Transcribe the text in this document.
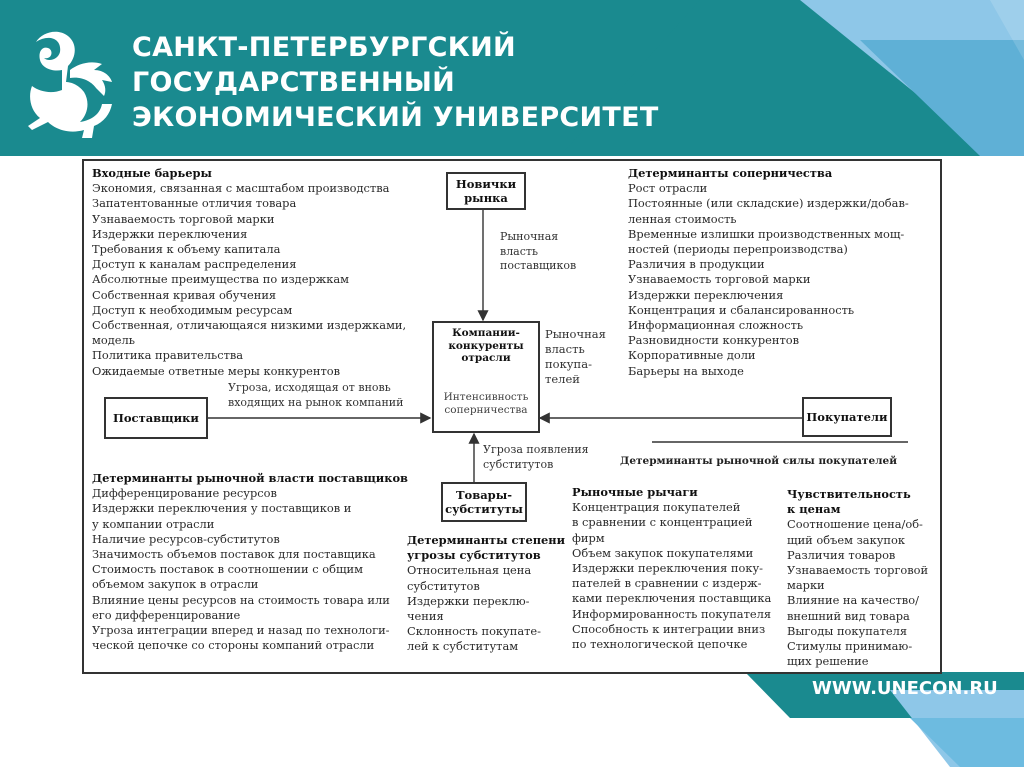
САНКТ-ПЕТЕРБУРГСКИЙ
ГОСУДАРСТВЕННЫЙ
ЭКОНОМИЧЕСКИЙ УНИВЕРСИТЕТ
WWW.UNECON.RU
Входные барьеры
Экономия, связанная с масштабом производства
Запатентованные отличия товара
Узнаваемость торговой марки
Издержки переключения
Требования к объему капитала
Доступ к каналам распределения
Абсолютные преимущества по издержкам
Собственная кривая обучения
Доступ к необходимым ресурсам
Собственная, отличающаяся низкими издержками,
модель
Политика правительства
Ожидаемые ответные меры конкурентов
Детерминанты соперничества
Рост отрасли
Постоянные (или складские) издержки/добав-
ленная стоимость
Временные излишки производственных мощ-
ностей (периоды перепроизводства)
Различия в продукции
Узнаваемость торговой марки
Издержки переключения
Концентрация и сбалансированность
Информационная сложность
Разновидности конкурентов
Корпоративные доли
Барьеры на выходе
Новички
рынка
Рыночная
власть
поставщиков
Компании-
конкуренты
отрасли
Интенсивность
соперничества
Рыночная
власть
покупа-
телей
Угроза, исходящая от вновь
входящих на рынок компаний
Поставщики	Покупатели
Угроза появления
субститутов	Детерминанты рыночной силы покупателей
Детерминанты рыночной власти поставщиков
Дифференцирование ресурсов
Издержки переключения у поставщиков и
у компании отрасли
Наличие ресурсов-субститутов
Значимость объемов поставок для поставщика
Стоимость поставок в соотношении с общим
объемом закупок в отрасли
Влияние цены ресурсов на стоимость товара или
его дифференцирование
Угроза интеграции вперед и назад по технологи-
ческой цепочке со стороны компаний отрасли
Товары-
субституты
Детерминанты степени
угрозы субститутов
Относительная цена
субститутов
Издержки переклю-
чения
Склонность покупате-
лей к субститутам
Рыночные рычаги
Концентрация покупателей
в сравнении с концентрацией
фирм
Объем закупок покупателями
Издержки переключения поку-
пателей в сравнении с издерж-
ками переключения поставщика
Информированность покупателя
Способность к интеграции вниз
по технологической цепочке
Чувствительность
к ценам
Соотношение цена/об-
щий объем закупок
Различия товаров
Узнаваемость торговой
марки
Влияние на качество/
внешний вид товара
Выгоды покупателя
Стимулы принимаю-
щих решение
